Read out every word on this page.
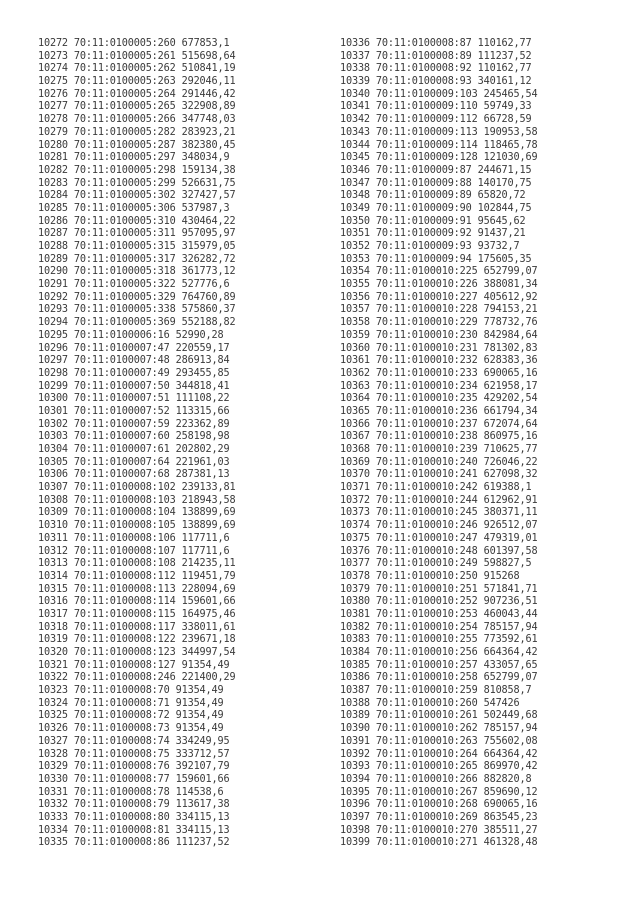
10272 70:11:0100005:260 677853,1
10273 70:11:0100005:261 515698,64
10274 70:11:0100005:262 510841,19
10275 70:11:0100005:263 292046,11
10276 70:11:0100005:264 291446,42
10277 70:11:0100005:265 322908,89
10278 70:11:0100005:266 347748,03
10279 70:11:0100005:282 283923,21
10280 70:11:0100005:287 382380,45
10281 70:11:0100005:297 348034,9
10282 70:11:0100005:298 159134,38
10283 70:11:0100005:299 526631,75
10284 70:11:0100005:302 327427,57
10285 70:11:0100005:306 537987,3
10286 70:11:0100005:310 430464,22
10287 70:11:0100005:311 957095,97
10288 70:11:0100005:315 315979,05
10289 70:11:0100005:317 326282,72
10290 70:11:0100005:318 361773,12
10291 70:11:0100005:322 527776,6
10292 70:11:0100005:329 764760,89
10293 70:11:0100005:338 575860,37
10294 70:11:0100005:369 552188,82
10295 70:11:0100006:16 52990,28
10296 70:11:0100007:47 220559,17
10297 70:11:0100007:48 286913,84
10298 70:11:0100007:49 293455,85
10299 70:11:0100007:50 344818,41
10300 70:11:0100007:51 111108,22
10301 70:11:0100007:52 113315,66
10302 70:11:0100007:59 223362,89
10303 70:11:0100007:60 258198,98
10304 70:11:0100007:61 202802,29
10305 70:11:0100007:64 221961,03
10306 70:11:0100007:68 287381,13
10307 70:11:0100008:102 239133,81
10308 70:11:0100008:103 218943,58
10309 70:11:0100008:104 138899,69
10310 70:11:0100008:105 138899,69
10311 70:11:0100008:106 117711,6
10312 70:11:0100008:107 117711,6
10313 70:11:0100008:108 214235,11
10314 70:11:0100008:112 119451,79
10315 70:11:0100008:113 228094,69
10316 70:11:0100008:114 159601,66
10317 70:11:0100008:115 164975,46
10318 70:11:0100008:117 338011,61
10319 70:11:0100008:122 239671,18
10320 70:11:0100008:123 344997,54
10321 70:11:0100008:127 91354,49
10322 70:11:0100008:246 221400,29
10323 70:11:0100008:70 91354,49
10324 70:11:0100008:71 91354,49
10325 70:11:0100008:72 91354,49
10326 70:11:0100008:73 91354,49
10327 70:11:0100008:74 334249,95
10328 70:11:0100008:75 333712,57
10329 70:11:0100008:76 392107,79
10330 70:11:0100008:77 159601,66
10331 70:11:0100008:78 114538,6
10332 70:11:0100008:79 113617,38
10333 70:11:0100008:80 334115,13
10334 70:11:0100008:81 334115,13
10335 70:11:0100008:86 111237,52
10336 70:11:0100008:87 110162,77
10337 70:11:0100008:89 111237,52
10338 70:11:0100008:92 110162,77
10339 70:11:0100008:93 340161,12
10340 70:11:0100009:103 245465,54
10341 70:11:0100009:110 59749,33
10342 70:11:0100009:112 66728,59
10343 70:11:0100009:113 190953,58
10344 70:11:0100009:114 118465,78
10345 70:11:0100009:128 121030,69
10346 70:11:0100009:87 244671,15
10347 70:11:0100009:88 140170,75
10348 70:11:0100009:89 65820,72
10349 70:11:0100009:90 102844,75
10350 70:11:0100009:91 95645,62
10351 70:11:0100009:92 91437,21
10352 70:11:0100009:93 93732,7
10353 70:11:0100009:94 175605,35
10354 70:11:0100010:225 652799,07
10355 70:11:0100010:226 388081,34
10356 70:11:0100010:227 405612,92
10357 70:11:0100010:228 794153,21
10358 70:11:0100010:229 778732,76
10359 70:11:0100010:230 842984,64
10360 70:11:0100010:231 781302,83
10361 70:11:0100010:232 628383,36
10362 70:11:0100010:233 690065,16
10363 70:11:0100010:234 621958,17
10364 70:11:0100010:235 429202,54
10365 70:11:0100010:236 661794,34
10366 70:11:0100010:237 672074,64
10367 70:11:0100010:238 860975,16
10368 70:11:0100010:239 710625,77
10369 70:11:0100010:240 726046,22
10370 70:11:0100010:241 627098,32
10371 70:11:0100010:242 619388,1
10372 70:11:0100010:244 612962,91
10373 70:11:0100010:245 380371,11
10374 70:11:0100010:246 926512,07
10375 70:11:0100010:247 479319,01
10376 70:11:0100010:248 601397,58
10377 70:11:0100010:249 598827,5
10378 70:11:0100010:250 915268
10379 70:11:0100010:251 571841,71
10380 70:11:0100010:252 907236,51
10381 70:11:0100010:253 460043,44
10382 70:11:0100010:254 785157,94
10383 70:11:0100010:255 773592,61
10384 70:11:0100010:256 664364,42
10385 70:11:0100010:257 433057,65
10386 70:11:0100010:258 652799,07
10387 70:11:0100010:259 810858,7
10388 70:11:0100010:260 547426
10389 70:11:0100010:261 502449,68
10390 70:11:0100010:262 785157,94
10391 70:11:0100010:263 755602,08
10392 70:11:0100010:264 664364,42
10393 70:11:0100010:265 869970,42
10394 70:11:0100010:266 882820,8
10395 70:11:0100010:267 859690,12
10396 70:11:0100010:268 690065,16
10397 70:11:0100010:269 863545,23
10398 70:11:0100010:270 385511,27
10399 70:11:0100010:271 461328,48
